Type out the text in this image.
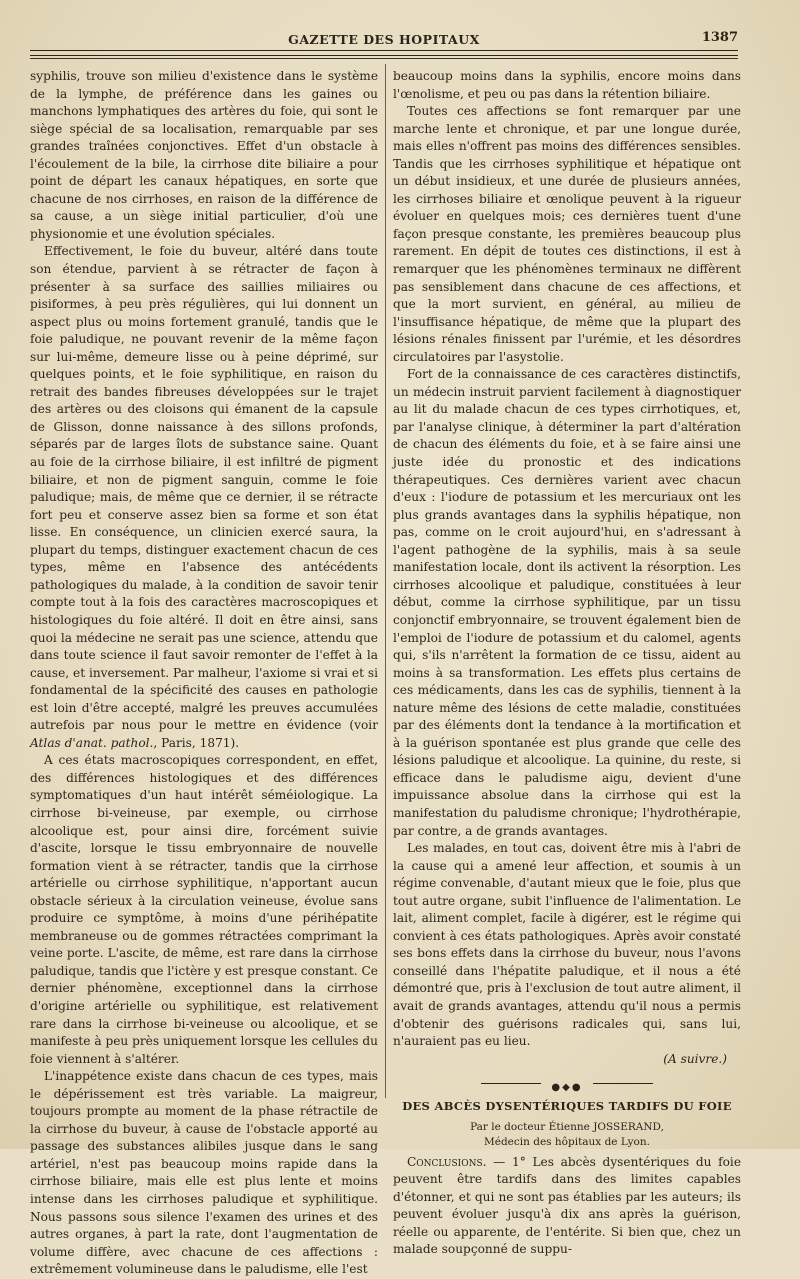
GAZETTE DES HOPITAUX	1387

syphilis, trouve son milieu d'existence dans le système de la lymphe, de préférence dans les gaines ou manchons lymphatiques des artères du foie, qui sont le siège spécial de sa localisation, remarquable par ses grandes traînées conjonctives. Effet d'un obstacle à l'écoulement de la bile, la cirrhose dite biliaire a pour point de départ les canaux hépatiques, en sorte que chacune de nos cirrhoses, en raison de la différence de sa cause, a un siège initial particulier, d'où une physionomie et une évolution spéciales.

Effectivement, le foie du buveur, altéré dans toute son étendue, parvient à se rétracter de façon à présenter à sa surface des saillies miliaires ou pisiformes, à peu près régulières, qui lui donnent un aspect plus ou moins fortement granulé, tandis que le foie paludique, ne pouvant revenir de la même façon sur lui-même, demeure lisse ou à peine déprimé, sur quelques points, et le foie syphilitique, en raison du retrait des bandes fibreuses développées sur le trajet des artères ou des cloisons qui émanent de la capsule de Glisson, donne naissance à des sillons profonds, séparés par de larges îlots de substance saine. Quant au foie de la cirrhose biliaire, il est infiltré de pigment biliaire, et non de pigment sanguin, comme le foie paludique; mais, de même que ce dernier, il se rétracte fort peu et conserve assez bien sa forme et son état lisse. En conséquence, un clinicien exercé saura, la plupart du temps, distinguer exactement chacun de ces types, même en l'absence des antécédents pathologiques du malade, à la condition de savoir tenir compte tout à la fois des caractères macroscopiques et histologiques du foie altéré. Il doit en être ainsi, sans quoi la médecine ne serait pas une science, attendu que dans toute science il faut savoir remonter de l'effet à la cause, et inversement. Par malheur, l'axiome si vrai et si fondamental de la spécificité des causes en pathologie est loin d'être accepté, malgré les preuves accumulées autrefois par nous pour le mettre en évidence (voir Atlas d'anat. pathol., Paris, 1871).

A ces états macroscopiques correspondent, en effet, des différences histologiques et des différences symptomatiques d'un haut intérêt séméiologique. La cirrhose bi-veineuse, par exemple, ou cirrhose alcoolique est, pour ainsi dire, forcément suivie d'ascite, lorsque le tissu embryonnaire de nouvelle formation vient à se rétracter, tandis que la cirrhose artérielle ou cirrhose syphilitique, n'apportant aucun obstacle sérieux à la circulation veineuse, évolue sans produire ce symptôme, à moins d'une périhépatite membraneuse ou de gommes rétractées comprimant la veine porte. L'ascite, de même, est rare dans la cirrhose paludique, tandis que l'ictère y est presque constant. Ce dernier phénomène, exceptionnel dans la cirrhose d'origine artérielle ou syphilitique, est relativement rare dans la cirrhose bi-veineuse ou alcoolique, et se manifeste à peu près uniquement lorsque les cellules du foie viennent à s'altérer.

L'inappétence existe dans chacun de ces types, mais le dépérissement est très variable. La maigreur, toujours prompte au moment de la phase rétractile de la cirrhose du buveur, à cause de l'obstacle apporté au passage des substances alibiles jusque dans le sang artériel, n'est pas beaucoup moins rapide dans la cirrhose biliaire, mais elle est plus lente et moins intense dans les cirrhoses paludique et syphilitique. Nous passons sous silence l'examen des urines et des autres organes, à part la rate, dont l'augmentation de volume diffère, avec chacune de ces affections : extrêmement volumineuse dans le paludisme, elle l'est

beaucoup moins dans la syphilis, encore moins dans l'œnolisme, et peu ou pas dans la rétention biliaire.

Toutes ces affections se font remarquer par une marche lente et chronique, et par une longue durée, mais elles n'offrent pas moins des différences sensibles. Tandis que les cirrhoses syphilitique et hépatique ont un début insidieux, et une durée de plusieurs années, les cirrhoses biliaire et œnolique peuvent à la rigueur évoluer en quelques mois; ces dernières tuent d'une façon presque constante, les premières beaucoup plus rarement. En dépit de toutes ces distinctions, il est à remarquer que les phénomènes terminaux ne diffèrent pas sensiblement dans chacune de ces affections, et que la mort survient, en général, au milieu de l'insuffisance hépatique, de même que la plupart des lésions rénales finissent par l'urémie, et les désordres circulatoires par l'asystolie.

Fort de la connaissance de ces caractères distinctifs, un médecin instruit parvient facilement à diagnostiquer au lit du malade chacun de ces types cirrhotiques, et, par l'analyse clinique, à déterminer la part d'altération de chacun des éléments du foie, et à se faire ainsi une juste idée du pronostic et des indications thérapeutiques. Ces dernières varient avec chacun d'eux : l'iodure de potassium et les mercuriaux ont les plus grands avantages dans la syphilis hépatique, non pas, comme on le croit aujourd'hui, en s'adressant à l'agent pathogène de la syphilis, mais à sa seule manifestation locale, dont ils activent la résorption. Les cirrhoses alcoolique et paludique, constituées à leur début, comme la cirrhose syphilitique, par un tissu conjonctif embryonnaire, se trouvent également bien de l'emploi de l'iodure de potassium et du calomel, agents qui, s'ils n'arrêtent la formation de ce tissu, aident au moins à sa transformation. Les effets plus certains de ces médicaments, dans les cas de syphilis, tiennent à la nature même des lésions de cette maladie, constituées par des éléments dont la tendance à la mortification et à la guérison spontanée est plus grande que celle des lésions paludique et alcoolique. La quinine, du reste, si efficace dans le paludisme aigu, devient d'une impuissance absolue dans la cirrhose qui est la manifestation du paludisme chronique; l'hydrothérapie, par contre, a de grands avantages.

Les malades, en tout cas, doivent être mis à l'abri de la cause qui a amené leur affection, et soumis à un régime convenable, d'autant mieux que le foie, plus que tout autre organe, subit l'influence de l'alimentation. Le lait, aliment complet, facile à digérer, est le régime qui convient à ces états pathologiques. Après avoir constaté ses bons effets dans la cirrhose du buveur, nous l'avons conseillé dans l'hépatite paludique, et il nous a été démontré que, pris à l'exclusion de tout autre aliment, il avait de grands avantages, attendu qu'il nous a permis d'obtenir des guérisons radicales qui, sans lui, n'auraient pas eu lieu.

(A suivre.)

●◆●
DES ABCÈS DYSENTÉRIQUES TARDIFS DU FOIE
Par le docteur Étienne JOSSERAND,
Médecin des hôpitaux de Lyon.

Conclusions. — 1° Les abcès dysentériques du foie peuvent être tardifs dans des limites capables d'étonner, et qui ne sont pas établies par les auteurs; ils peuvent évoluer jusqu'à dix ans après la guérison, réelle ou apparente, de l'entérite. Si bien que, chez un malade soupçonné de suppu-
